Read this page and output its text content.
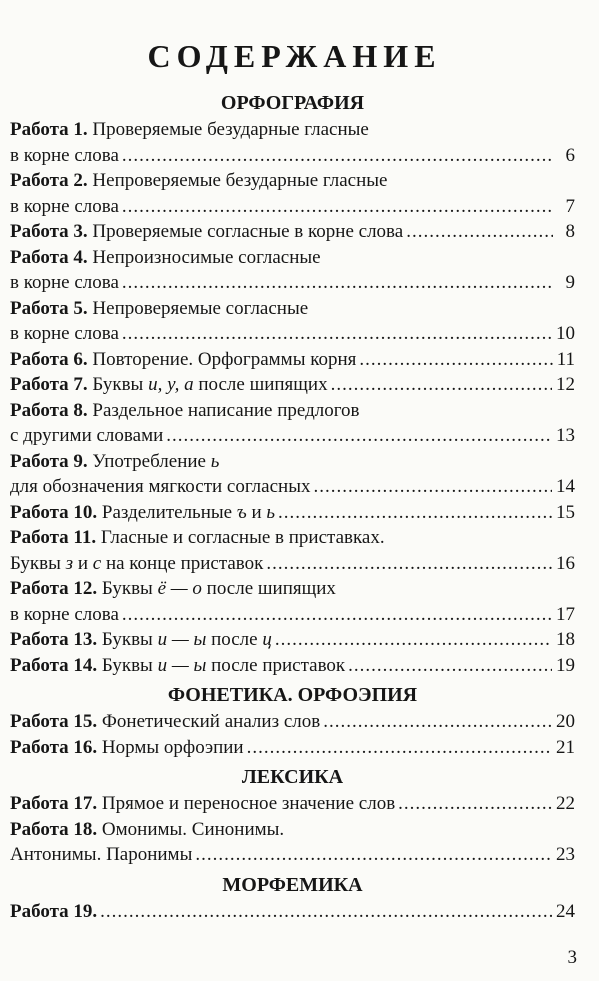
СОДЕРЖАНИЕ
ОРФОГРАФИЯ
Работа 1. Проверяемые безударные гласные
в корне слова .....	6
Работа 2. Непроверяемые безударные гласные
в корне слова .....	7
Работа 3. Проверяемые согласные в корне слова .....	8
Работа 4. Непроизносимые согласные
в корне слова .....	9
Работа 5. Непроверяемые согласные
в корне слова .....	10
Работа 6. Повторение. Орфограммы корня .....	11
Работа 7. Буквы и, у, а после шипящих .....	12
Работа 8. Раздельное написание предлогов
с другими словами .....	13
Работа 9. Употребление ь
для обозначения мягкости согласных .....	14
Работа 10. Разделительные ъ и ь .....	15
Работа 11. Гласные и согласные в приставках.
Буквы з и с на конце приставок .....	16
Работа 12. Буквы ё — о после шипящих
в корне слова .....	17
Работа 13. Буквы и — ы после ц .....	18
Работа 14. Буквы и — ы после приставок .....	19
ФОНЕТИКА. ОРФОЭПИЯ
Работа 15. Фонетический анализ слов .....	20
Работа 16. Нормы орфоэпии .....	21
ЛЕКСИКА
Работа 17. Прямое и переносное значение слов .....	22
Работа 18. Омонимы. Синонимы.
Антонимы. Паронимы .....	23
МОРФЕМИКА
Работа 19. .....	24
3
